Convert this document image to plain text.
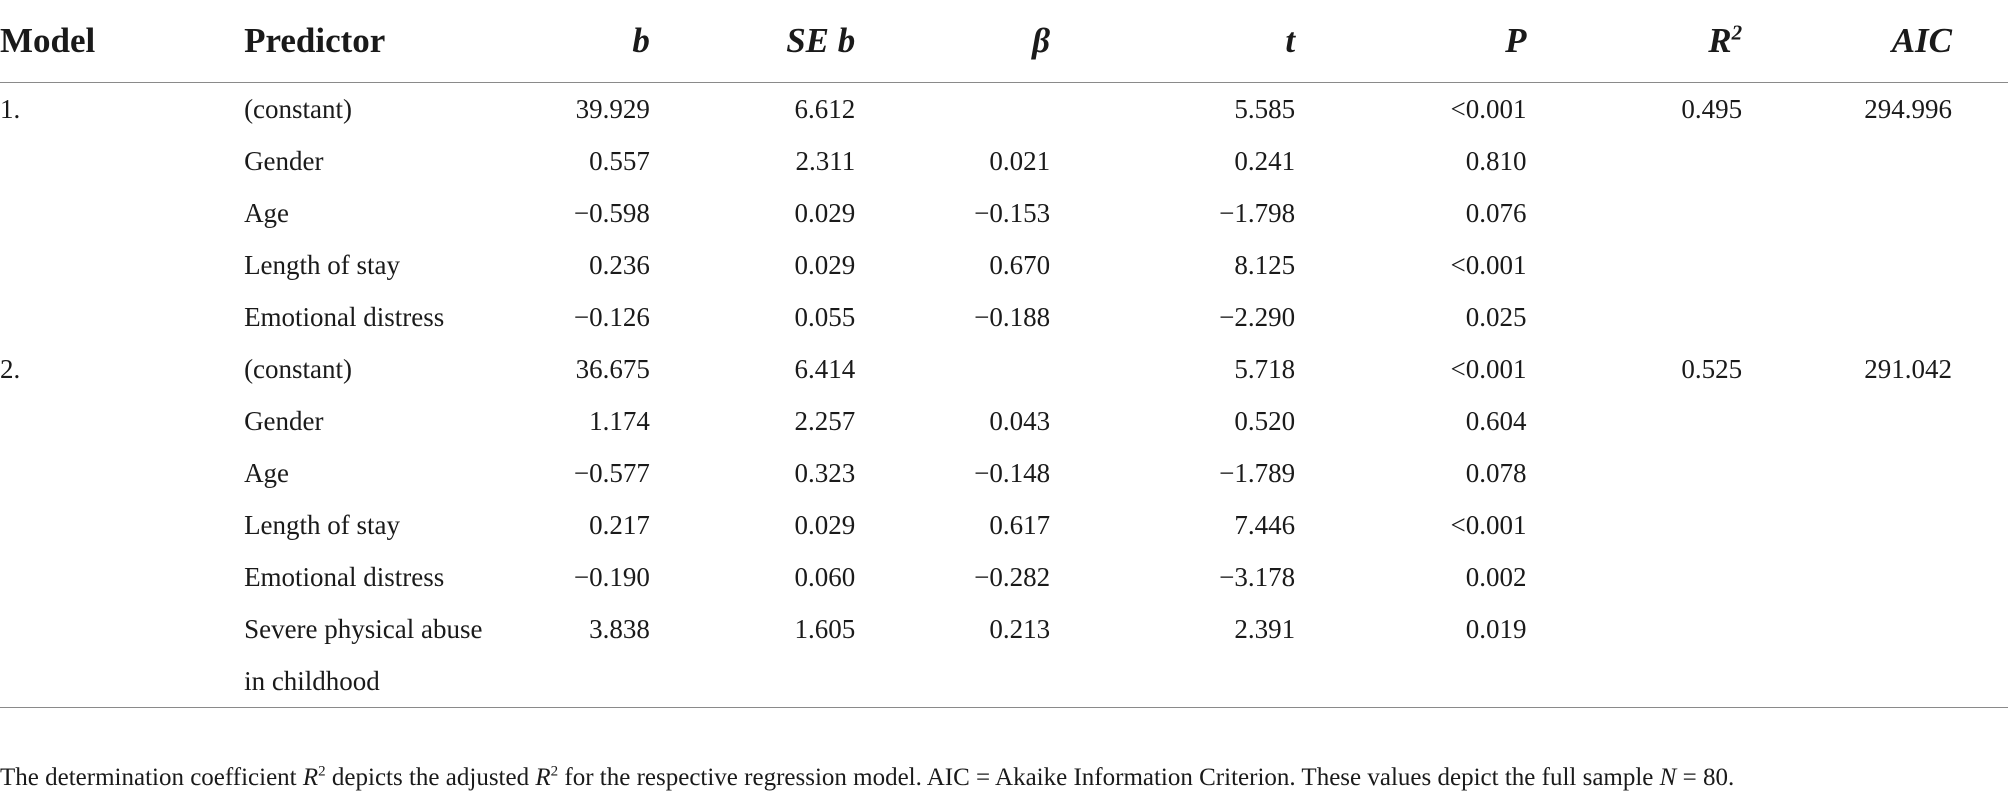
Model	Predictor	b	SE b	β	t	P	$R^2$	AIC
1.	(constant)	39.929	6.612		5.585	<0.001	0.495	294.996
	Gender	0.557	2.311	0.021	0.241	0.810		
	Age	−0.598	0.029	−0.153	−1.798	0.076		
	Length of stay	0.236	0.029	0.670	8.125	<0.001		
	Emotional distress	−0.126	0.055	−0.188	−2.290	0.025		
2.	(constant)	36.675	6.414		5.718	<0.001	0.525	291.042
	Gender	1.174	2.257	0.043	0.520	0.604		
	Age	−0.577	0.323	−0.148	−1.789	0.078		
	Length of stay	0.217	0.029	0.617	7.446	<0.001		
	Emotional distress	−0.190	0.060	−0.282	−3.178	0.002		
	Severe physical abuse	3.838	1.605	0.213	2.391	0.019		
	in childhood							
The determination coefficient $R^2$ depicts the adjusted $R^2$ for the respective regression model. AIC = Akaike Information Criterion. These values depict the full sample N = 80.
